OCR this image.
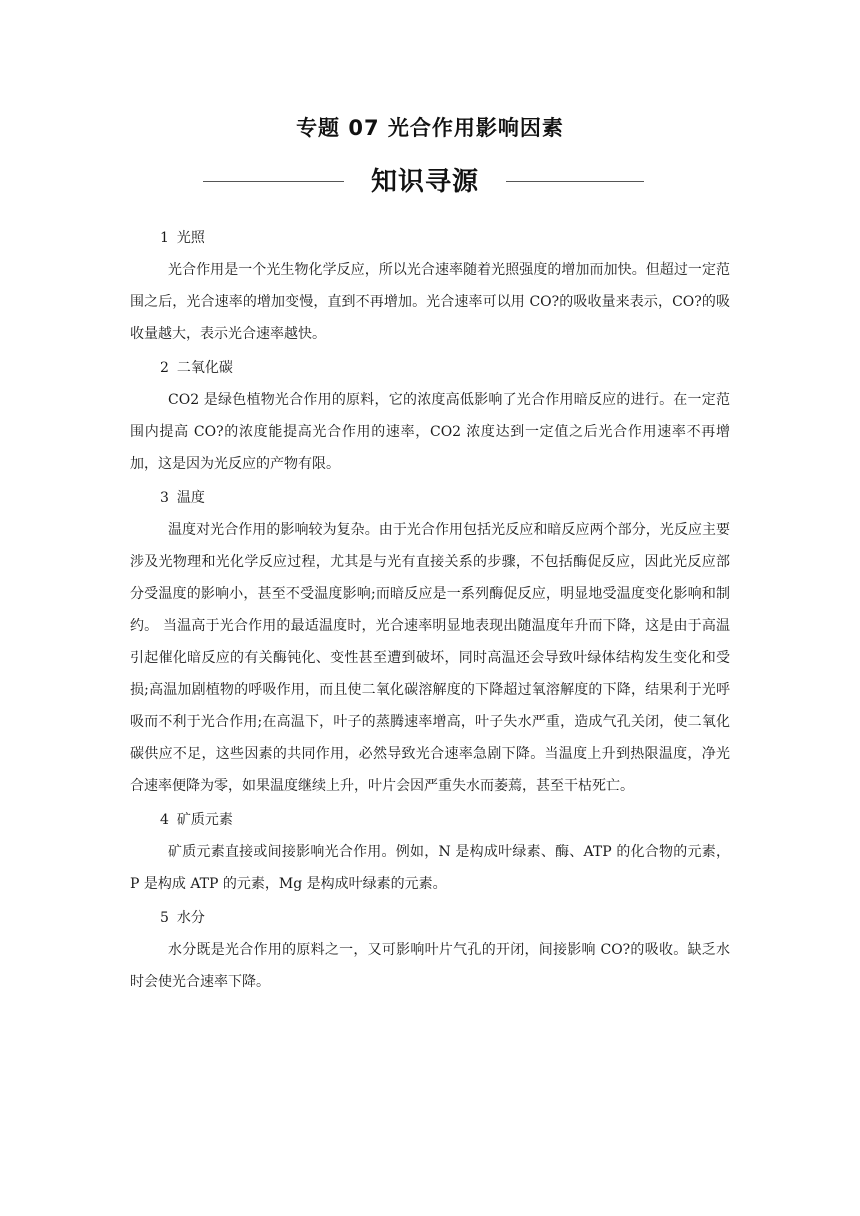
专题 07 光合作用影响因素
知识寻源

1 光照

光合作用是一个光生物化学反应，所以光合速率随着光照强度的增加而加快。但超过一定范围之后，光合速率的增加变慢，直到不再增加。光合速率可以用 CO?的吸收量来表示，CO?的吸收量越大，表示光合速率越快。

2 二氧化碳

CO2 是绿色植物光合作用的原料，它的浓度高低影响了光合作用暗反应的进行。在一定范围内提高 CO?的浓度能提高光合作用的速率，CO2 浓度达到一定值之后光合作用速率不再增加，这是因为光反应的产物有限。

3 温度

温度对光合作用的影响较为复杂。由于光合作用包括光反应和暗反应两个部分，光反应主要涉及光物理和光化学反应过程，尤其是与光有直接关系的步骤，不包括酶促反应，因此光反应部分受温度的影响小，甚至不受温度影响;而暗反应是一系列酶促反应，明显地受温度变化影响和制约。 当温高于光合作用的最适温度时，光合速率明显地表现出随温度年升而下降，这是由于高温引起催化暗反应的有关酶钝化、变性甚至遭到破坏，同时高温还会导致叶绿体结构发生变化和受损;高温加剧植物的呼吸作用，而且使二氧化碳溶解度的下降超过氧溶解度的下降，结果利于光呼吸而不利于光合作用;在高温下，叶子的蒸腾速率增高，叶子失水严重，造成气孔关闭，使二氧化碳供应不足，这些因素的共同作用，必然导致光合速率急剧下降。当温度上升到热限温度，净光合速率便降为零，如果温度继续上升，叶片会因严重失水而萎蔫，甚至干枯死亡。

4 矿质元素

矿质元素直接或间接影响光合作用。例如，N 是构成叶绿素、酶、ATP 的化合物的元素，P 是构成 ATP 的元素，Mg 是构成叶绿素的元素。

5 水分

水分既是光合作用的原料之一，又可影响叶片气孔的开闭，间接影响 CO?的吸收。缺乏水时会使光合速率下降。
